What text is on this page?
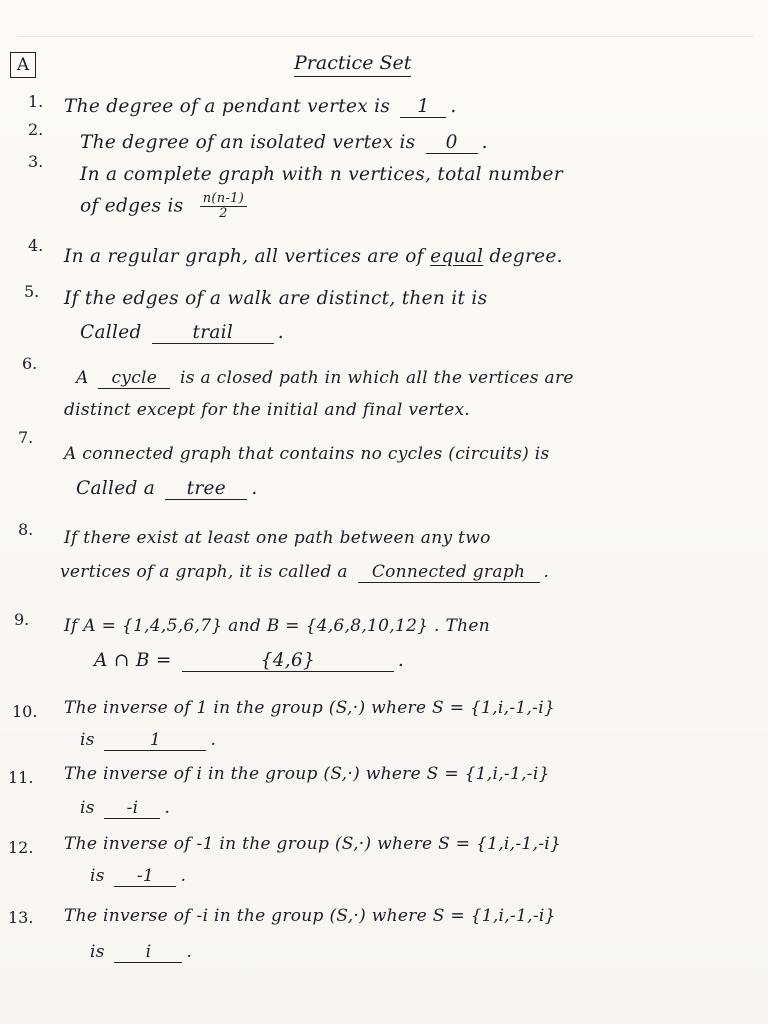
A	Practice Set
1. The degree of a pendant vertex is 1 .
2.
The degree of an isolated vertex is 0 .
3.
In a complete graph with n vertices, total number
of edges is $\frac{n(n-1)}{2}$
4.
In a regular graph, all vertices are of equal degree.
5. If the edges of a walk are distinct, then it is
Called	trail .
6.
A cycle is a closed path in which all the vertices are
distinct except for the initial and final vertex.
7.
A connected graph that contains no cycles (circuits) is
Called a tree .
8. If there exist at least one path between any two
vertices of a graph, it is called a Connected graph .
9. If A = {1,4,5,6,7} and B = {4,6,8,10,12} . Then
A ∩ B =	{4,6}	.
10. The inverse of 1 in the group (S,·) where S = {1,i,-1,-i}
is	1	.
11. The inverse of i in the group (S,·) where S = {1,i,-1,-i}
is -i .
12. The inverse of -1 in the group (S,·) where S = {1,i,-1,-i}
is -1 .
13. The inverse of -i in the group (S,·) where S = {1,i,-1,-i}
is i .
